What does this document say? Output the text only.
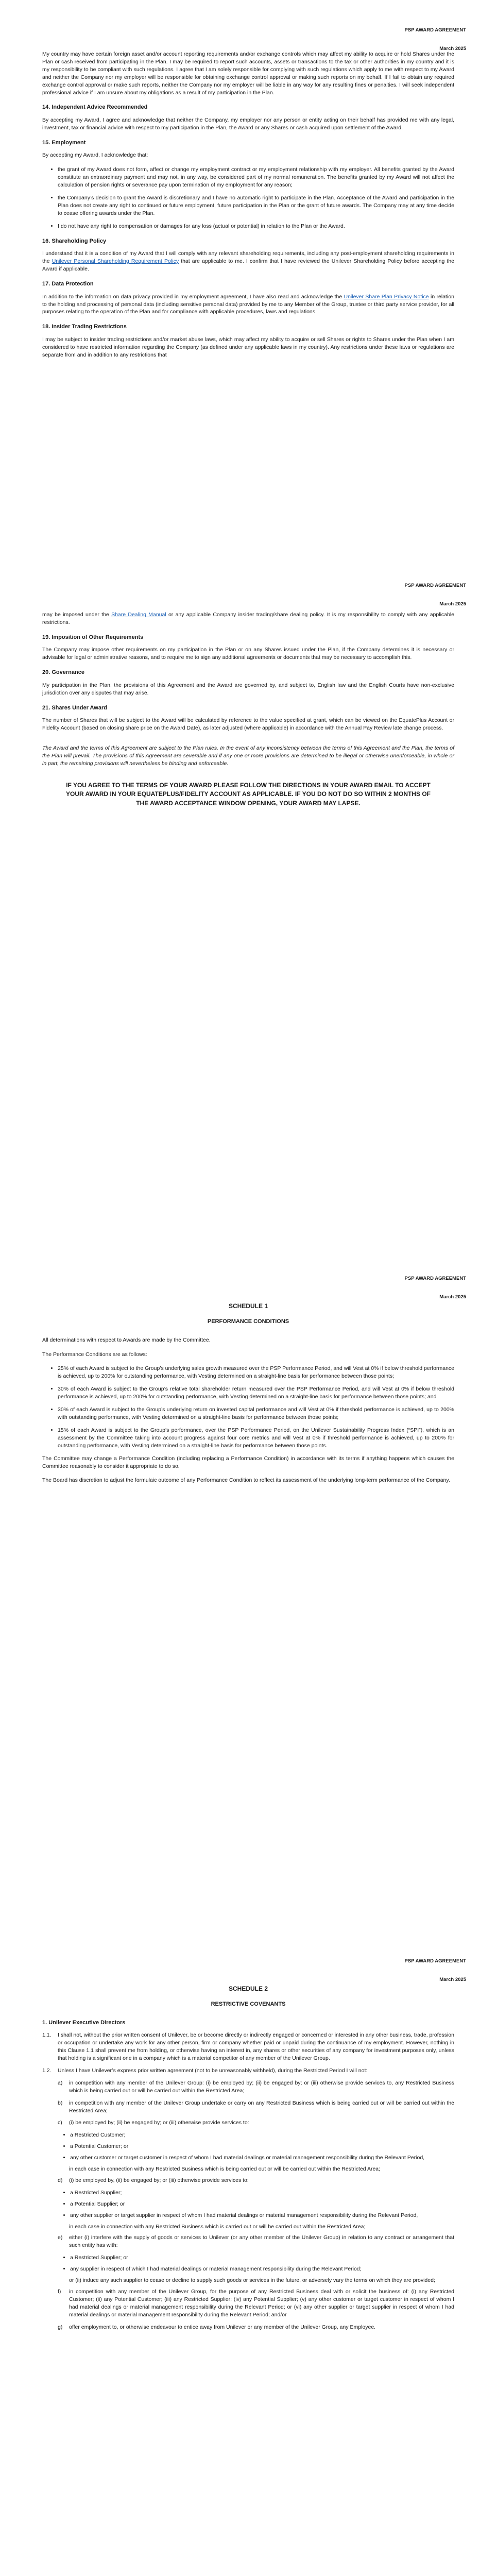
PSP AWARD AGREEMENT
March 2025

My country may have certain foreign asset and/or account reporting requirements and/or exchange controls which may affect my ability to acquire or hold Shares under the Plan or cash received from participating in the Plan. I may be required to report such accounts, assets or transactions to the tax or other authorities in my country and it is my responsibility to be compliant with such regulations. I agree that I am solely responsible for complying with such regulations which apply to me with respect to my Award and neither the Company nor my employer will be responsible for obtaining exchange control approval or making such reports on my behalf. If I fail to obtain any required exchange control approval or make such reports, neither the Company nor my employer will be liable in any way for any resulting fines or penalties. I will seek independent professional advice if I am unsure about my obligations as a result of my participation in the Plan.

14. Independent Advice Recommended

By accepting my Award, I agree and acknowledge that neither the Company, my employer nor any person or entity acting on their behalf has provided me with any legal, investment, tax or financial advice with respect to my participation in the Plan, the Award or any Shares or cash acquired upon settlement of the Award.

15. Employment

By accepting my Award, I acknowledge that:

• the grant of my Award does not form, affect or change my employment contract or my employment relationship with my employer. All benefits granted by the Award constitute an extraordinary payment and may not, in any way, be considered part of my normal remuneration. The benefits granted by my Award will not affect the calculation of pension rights or severance pay upon termination of my employment for any reason;
• the Company’s decision to grant the Award is discretionary and I have no automatic right to participate in the Plan. Acceptance of the Award and participation in the Plan does not create any right to continued or future employment, future participation in the Plan or the grant of future awards. The Company may at any time decide to cease offering awards under the Plan.
• I do not have any right to compensation or damages for any loss (actual or potential) in relation to the Plan or the Award.
16. Shareholding Policy

I understand that it is a condition of my Award that I will comply with any relevant shareholding requirements, including any post-employment shareholding requirements in the Unilever Personal Shareholding Requirement Policy that are applicable to me. I confirm that I have reviewed the Unilever Shareholding Policy before accepting the Award if applicable.

17. Data Protection

In addition to the information on data privacy provided in my employment agreement, I have also read and acknowledge the Unilever Share Plan Privacy Notice in relation to the holding and processing of personal data (including sensitive personal data) provided by me to any Member of the Group, trustee or third party service provider, for all purposes relating to the operation of the Plan and for compliance with applicable procedures, laws and regulations.

18. Insider Trading Restrictions

I may be subject to insider trading restrictions and/or market abuse laws, which may affect my ability to acquire or sell Shares or rights to Shares under the Plan when I am considered to have restricted information regarding the Company (as defined under any applicable laws in my country). Any restrictions under these laws or regulations are separate from and in addition to any restrictions that

PSP AWARD AGREEMENT
March 2025

may be imposed under the Share Dealing Manual or any applicable Company insider trading/share dealing policy. It is my responsibility to comply with any applicable restrictions.

19. Imposition of Other Requirements

The Company may impose other requirements on my participation in the Plan or on any Shares issued under the Plan, if the Company determines it is necessary or advisable for legal or administrative reasons, and to require me to sign any additional agreements or documents that may be necessary to accomplish this.

20. Governance

My participation in the Plan, the provisions of this Agreement and the Award are governed by, and subject to, English law and the English Courts have non-exclusive jurisdiction over any disputes that may arise.

21. Shares Under Award

The number of Shares that will be subject to the Award will be calculated by reference to the value specified at grant, which can be viewed on the EquatePlus Account or Fidelity Account (based on closing share price on the Award Date), as later adjusted (where applicable) in accordance with the Annual Pay Review late change process.

The Award and the terms of this Agreement are subject to the Plan rules. In the event of any inconsistency between the terms of this Agreement and the Plan, the terms of the Plan will prevail. The provisions of this Agreement are severable and if any one or more provisions are determined to be illegal or otherwise unenforceable, in whole or in part, the remaining provisions will nevertheless be binding and enforceable.

IF YOU AGREE TO THE TERMS OF YOUR AWARD PLEASE FOLLOW THE DIRECTIONS IN YOUR AWARD EMAIL TO ACCEPT YOUR AWARD IN YOUR EQUATEPLUS/FIDELITY ACCOUNT AS APPLICABLE. IF YOU DO NOT DO SO WITHIN 2 MONTHS OF THE AWARD ACCEPTANCE WINDOW OPENING, YOUR AWARD MAY LAPSE.
PSP AWARD AGREEMENT
March 2025
SCHEDULE 1
PERFORMANCE CONDITIONS

All determinations with respect to Awards are made by the Committee.

The Performance Conditions are as follows:

• 25% of each Award is subject to the Group’s underlying sales growth measured over the PSP Performance Period, and will Vest at 0% if below threshold performance is achieved, up to 200% for outstanding performance, with Vesting determined on a straight-line basis for performance between those points;
• 30% of each Award is subject to the Group’s relative total shareholder return measured over the PSP Performance Period, and will Vest at 0% if below threshold performance is achieved, up to 200% for outstanding performance, with Vesting determined on a straight-line basis for performance between those points; and
• 30% of each Award is subject to the Group’s underlying return on invested capital performance and will Vest at 0% if threshold performance is achieved, up to 200% with outstanding performance, with Vesting determined on a straight-line basis for performance between those points;
• 15% of each Award is subject to the Group’s performance, over the PSP Performance Period, on the Unilever Sustainability Progress Index (“SPI”), which is an assessment by the Committee taking into account progress against four core metrics and will Vest at 0% if threshold performance is achieved, up to 200% for outstanding performance, with Vesting determined on a straight-line basis for performance between those points.

The Committee may change a Performance Condition (including replacing a Performance Condition) in accordance with its terms if anything happens which causes the Committee reasonably to consider it appropriate to do so.

The Board has discretion to adjust the formulaic outcome of any Performance Condition to reflect its assessment of the underlying long-term performance of the Company.

PSP AWARD AGREEMENT
March 2025
SCHEDULE 2
RESTRICTIVE COVENANTS
1. Unilever Executive Directors
1.1.	I shall not, without the prior written consent of Unilever, be or become directly or indirectly engaged or concerned or interested in any other business, trade, profession or occupation or undertake any work for any other person, firm or company whether paid or unpaid during the continuance of my employment. However, nothing in this Clause 1.1 shall prevent me from holding, or otherwise having an interest in, any shares or other securities of any company for investment purposes only, unless that holding is a significant one in a company which is a material competitor of any member of the Unilever Group.
1.2.	Unless I have Unilever’s express prior written agreement (not to be unreasonably withheld), during the Restricted Period I will not:
a)	in competition with any member of the Unilever Group: (i) be employed by; (ii) be engaged by; or (iii) otherwise provide services to, any Restricted Business which is being carried out or will be carried out within the Restricted Area;
b)	in competition with any member of the Unilever Group undertake or carry on any Restricted Business which is being carried out or will be carried out within the Restricted Area;
c)	(i) be employed by; (ii) be engaged by; or (iii) otherwise provide services to:
• a Restricted Customer;
• a Potential Customer; or
• any other customer or target customer in respect of whom I had material dealings or material management responsibility during the Relevant Period,
in each case in connection with any Restricted Business which is being carried out or will be carried out within the Restricted Area;
d)	(i) be employed by, (ii) be engaged by; or (iii) otherwise provide services to:
• a Restricted Supplier;
• a Potential Supplier; or
• any other supplier or target supplier in respect of whom I had material dealings or material management responsibility during the Relevant Period,
in each case in connection with any Restricted Business which is carried out or will be carried out within the Restricted Area;
e)	either (i) interfere with the supply of goods or services to Unilever (or any other member of the Unilever Group) in relation to any contract or arrangement that such entity has with:
• a Restricted Supplier; or
• any supplier in respect of which I had material dealings or material management responsibility during the Relevant Period;
or (ii) induce any such supplier to cease or decline to supply such goods or services in the future, or adversely vary the terms on which they are provided;
f)	in competition with any member of the Unilever Group, for the purpose of any Restricted Business deal with or solicit the business of: (i) any Restricted Customer; (ii) any Potential Customer; (iii) any Restricted Supplier; (iv) any Potential Supplier; (v) any other customer or target customer in respect of whom I had material dealings or material management responsibility during the Relevant Period; or (vi) any other supplier or target supplier in respect of whom I had material dealings or material management responsibility during the Relevant Period; and/or
g)	offer employment to, or otherwise endeavour to entice away from Unilever or any member of the Unilever Group, any Employee.
